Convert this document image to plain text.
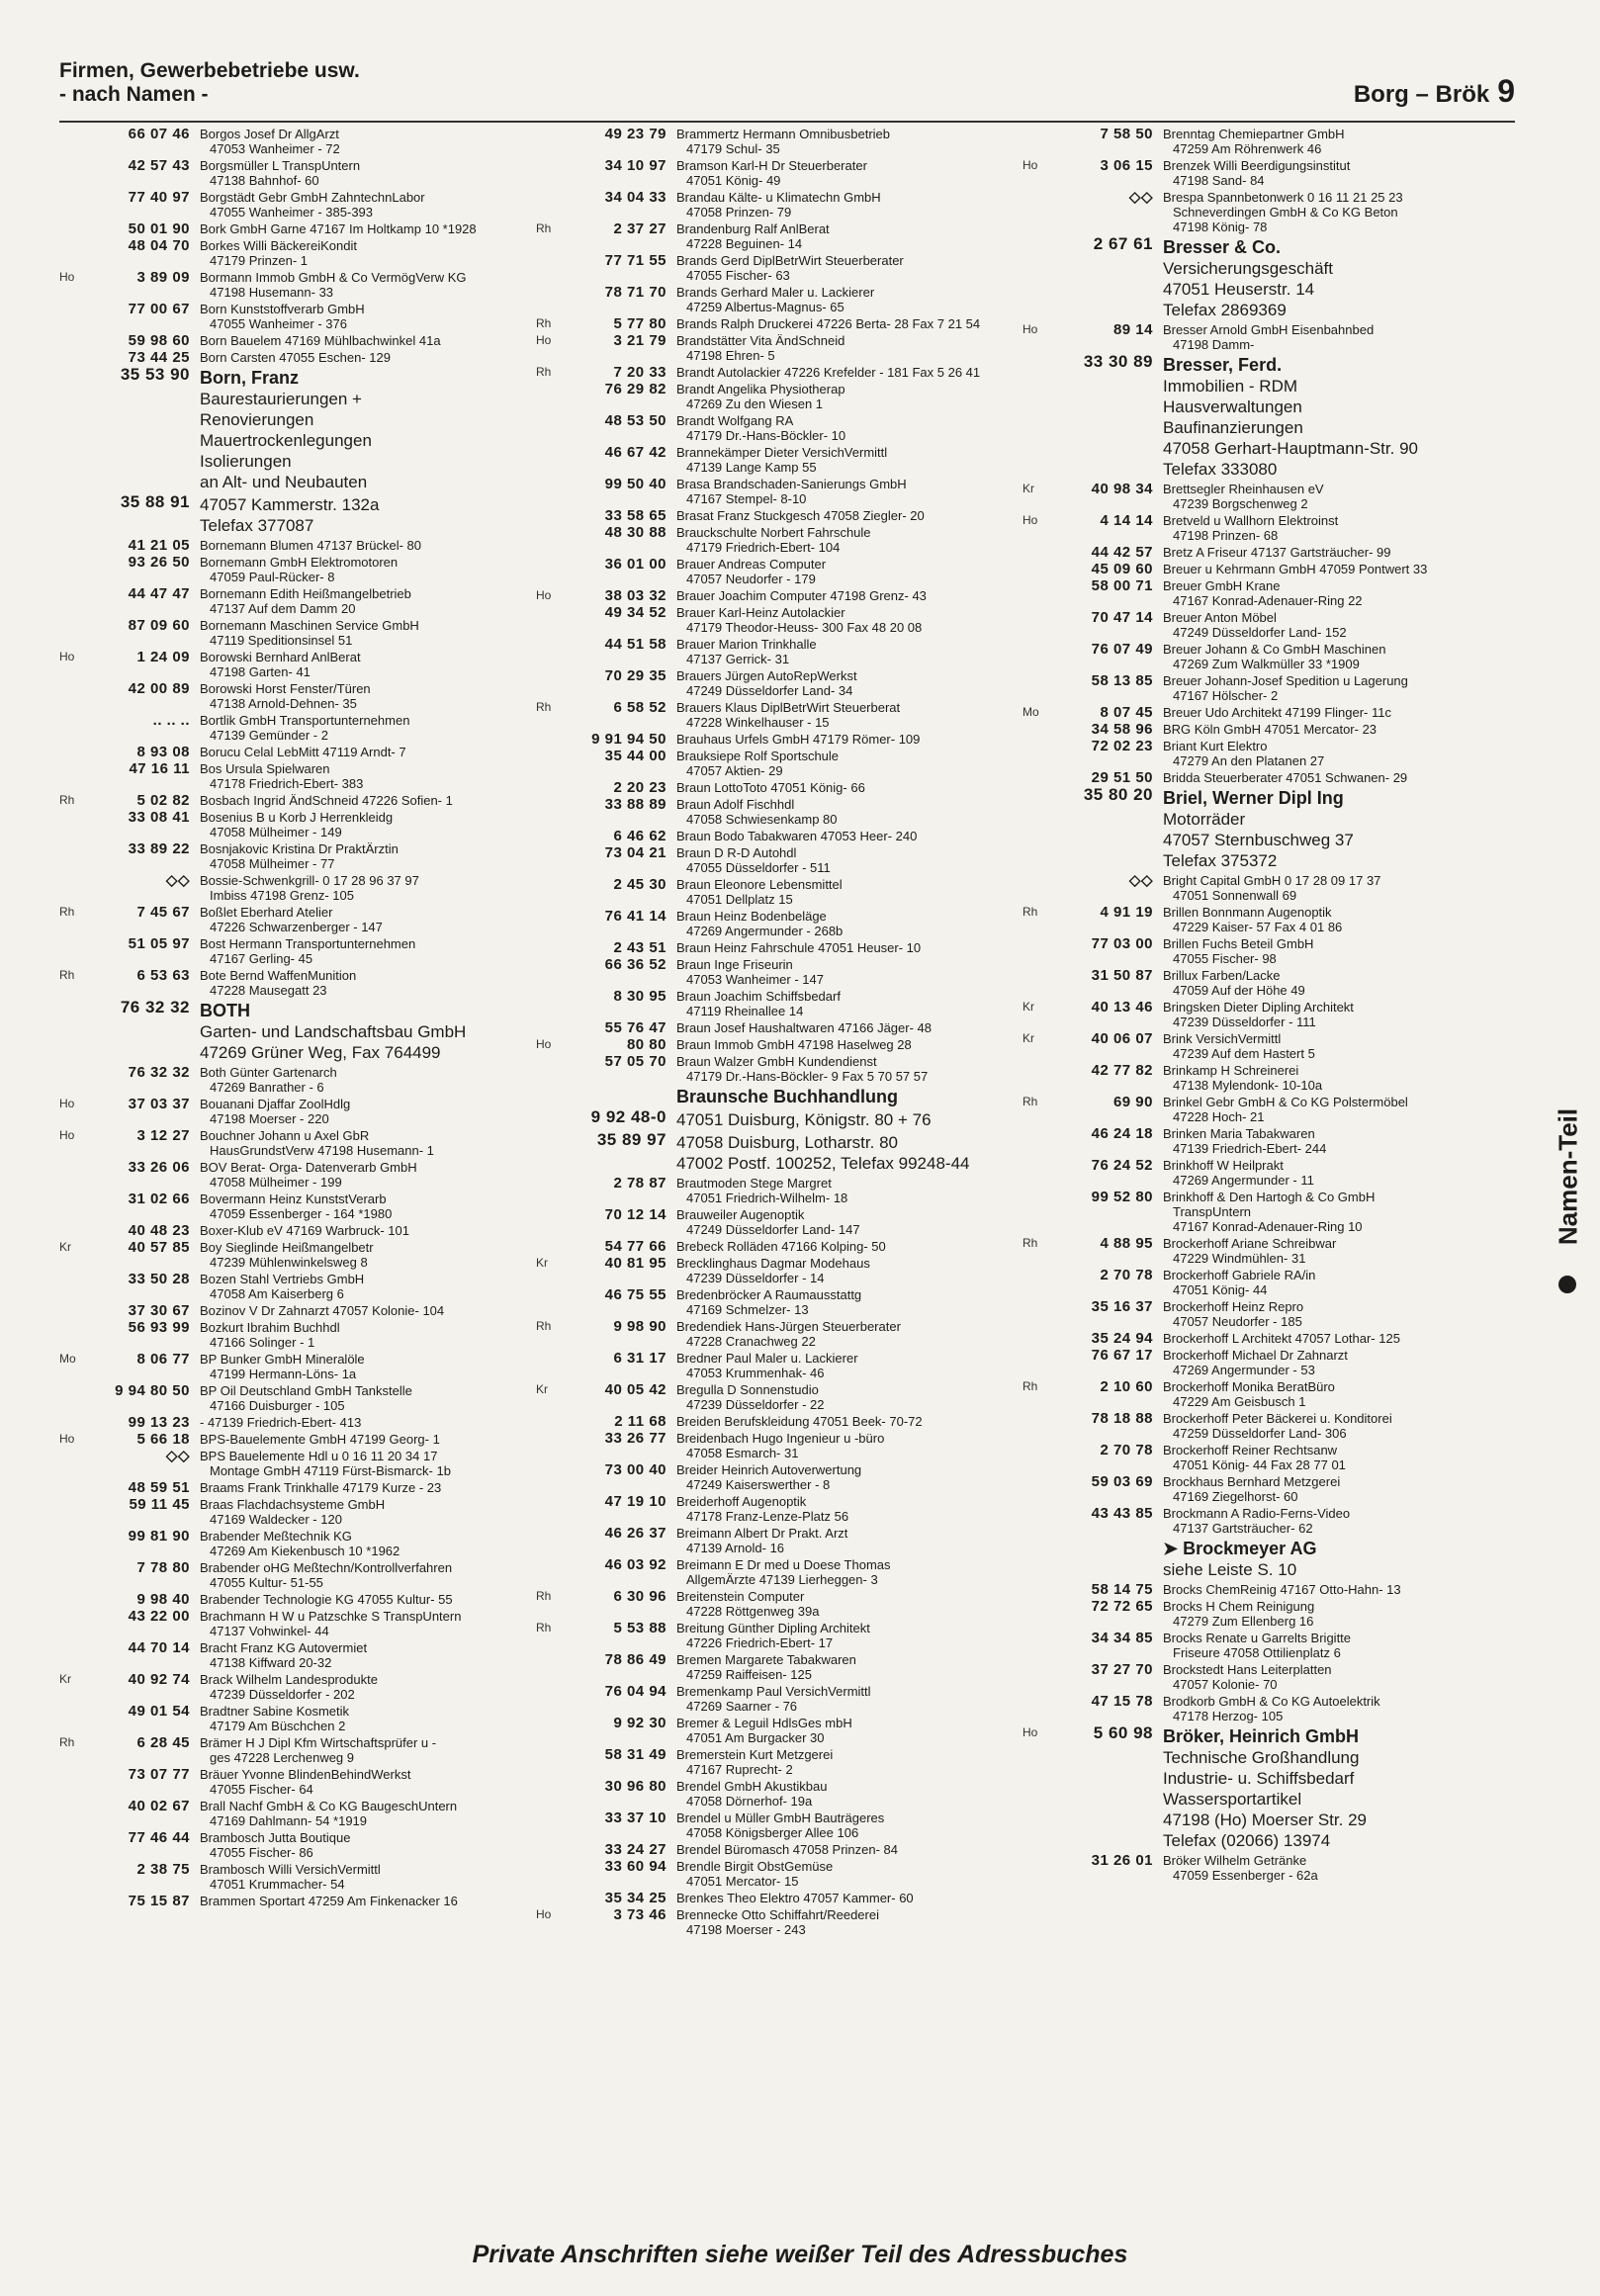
Firmen, Gewerbebetriebe usw.
- nach Namen -	Borg – Brök 9
66 07 46 Borgos Josef Dr AllgArzt
47053 Wanheimer - 72
42 57 43 Borgsmüller L TranspUntern
47138 Bahnhof- 60
77 40 97 Borgstädt Gebr GmbH ZahntechnLabor
47055 Wanheimer - 385-393
50 01 90 Bork GmbH Garne 47167 Im Holtkamp 10 *1928
48 04 70 Borkes Willi BäckereiKondit
47179 Prinzen- 1
Ho	3 89 09 Bormann Immob GmbH & Co VermögVerw KG
47198 Husemann- 33
77 00 67 Born Kunststoffverarb GmbH
47055 Wanheimer - 376
59 98 60 Born Bauelem 47169 Mühlbachwinkel 41a
73 44 25 Born Carsten 47055 Eschen- 129
35 53 90 Born, Franz
Baurestaurierungen +
Renovierungen
Mauertrockenlegungen
Isolierungen
an Alt- und Neubauten
35 88 91 47057 Kammerstr. 132a
Telefax 377087
41 21 05 Bornemann Blumen 47137 Brückel- 80
93 26 50 Bornemann GmbH Elektromotoren
47059 Paul-Rücker- 8
44 47 47 Bornemann Edith Heißmangelbetrieb
47137 Auf dem Damm 20
87 09 60 Bornemann Maschinen Service GmbH
47119 Speditionsinsel 51
Ho	1 24 09 Borowski Bernhard AnlBerat
47198 Garten- 41
42 00 89 Borowski Horst Fenster/Türen
47138 Arnold-Dehnen- 35
.. .. .. Bortlik GmbH Transportunternehmen
47139 Gemünder - 2
8 93 08 Borucu Celal LebMitt 47119 Arndt- 7
47 16 11 Bos Ursula Spielwaren
47178 Friedrich-Ebert- 383
Rh	5 02 82 Bosbach Ingrid ÄndSchneid 47226 Sofien- 1
33 08 41 Bosenius B u Korb J Herrenkleidg
47058 Mülheimer - 149
33 89 22 Bosnjakovic Kristina Dr PraktÄrztin
47058 Mülheimer - 77
◇◇ Bossie-Schwenkgrill- 0 17 28 96 37 97
Imbiss 47198 Grenz- 105
Rh	7 45 67 Boßlet Eberhard Atelier
47226 Schwarzenberger - 147
51 05 97 Bost Hermann Transportunternehmen
47167 Gerling- 45
Rh	6 53 63 Bote Bernd WaffenMunition
47228 Mausegatt 23
76 32 32 BOTH
Garten- und Landschaftsbau GmbH
47269 Grüner Weg, Fax 764499
76 32 32 Both Günter Gartenarch
47269 Banrather - 6
Ho	37 03 37 Bouanani Djaffar ZoolHdlg
47198 Moerser - 220
Ho	3 12 27 Bouchner Johann u Axel GbR
HausGrundstVerw 47198 Husemann- 1
33 26 06 BOV Berat- Orga- Datenverarb GmbH
47058 Mülheimer - 199
31 02 66 Bovermann Heinz KunststVerarb
47059 Essenberger - 164 *1980
40 48 23 Boxer-Klub eV 47169 Warbruck- 101
Kr	40 57 85 Boy Sieglinde Heißmangelbetr
47239 Mühlenwinkelsweg 8
33 50 28 Bozen Stahl Vertriebs GmbH
47058 Am Kaiserberg 6
37 30 67 Bozinov V Dr Zahnarzt 47057 Kolonie- 104
56 93 99 Bozkurt Ibrahim Buchhdl
47166 Solinger - 1
Mo	8 06 77 BP Bunker GmbH Mineralöle
47199 Hermann-Löns- 1a
9 94 80 50 BP Oil Deutschland GmbH Tankstelle
47166 Duisburger - 105
99 13 23 - 47139 Friedrich-Ebert- 413
Ho	5 66 18 BPS-Bauelemente GmbH 47199 Georg- 1
◇◇ BPS Bauelemente Hdl u 0 16 11 20 34 17
Montage GmbH 47119 Fürst-Bismarck- 1b
48 59 51 Braams Frank Trinkhalle 47179 Kurze - 23
59 11 45 Braas Flachdachsysteme GmbH
47169 Waldecker - 120
99 81 90 Brabender Meßtechnik KG
47269 Am Kiekenbusch 10 *1962
7 78 80 Brabender oHG Meßtechn/Kontrollverfahren
47055 Kultur- 51-55
9 98 40 Brabender Technologie KG 47055 Kultur- 55
43 22 00 Brachmann H W u Patzschke S TranspUntern
47137 Vohwinkel- 44
44 70 14 Bracht Franz KG Autovermiet
47138 Kiffward 20-32
Kr	40 92 74 Brack Wilhelm Landesprodukte
47239 Düsseldorfer - 202
49 01 54 Bradtner Sabine Kosmetik
47179 Am Büschchen 2
Rh	6 28 45 Brämer H J Dipl Kfm Wirtschaftsprüfer u -
ges 47228 Lerchenweg 9
73 07 77 Bräuer Yvonne BlindenBehindWerkst
47055 Fischer- 64
40 02 67 Brall Nachf GmbH & Co KG BaugeschUntern
47169 Dahlmann- 54 *1919
77 46 44 Brambosch Jutta Boutique
47055 Fischer- 86
2 38 75 Brambosch Willi VersichVermittl
47051 Krummacher- 54
75 15 87 Brammen Sportart 47259 Am Finkenacker 16
49 23 79 Brammertz Hermann Omnibusbetrieb
47179 Schul- 35
34 10 97 Bramson Karl-H Dr Steuerberater
47051 König- 49
34 04 33 Brandau Kälte- u Klimatechn GmbH
47058 Prinzen- 79
Rh	2 37 27 Brandenburg Ralf AnlBerat
47228 Beguinen- 14
77 71 55 Brands Gerd DiplBetrWirt Steuerberater
47055 Fischer- 63
78 71 70 Brands Gerhard Maler u. Lackierer
47259 Albertus-Magnus- 65
Rh	5 77 80 Brands Ralph Druckerei 47226 Berta- 28 Fax 7 21 54
Ho	3 21 79 Brandstätter Vita ÄndSchneid
47198 Ehren- 5
Rh	7 20 33 Brandt Autolackier 47226 Krefelder - 181 Fax 5 26 41
76 29 82 Brandt Angelika Physiotherap
47269 Zu den Wiesen 1
48 53 50 Brandt Wolfgang RA
47179 Dr.-Hans-Böckler- 10
46 67 42 Brannekämper Dieter VersichVermittl
47139 Lange Kamp 55
99 50 40 Brasa Brandschaden-Sanierungs GmbH
47167 Stempel- 8-10
33 58 65 Brasat Franz Stuckgesch 47058 Ziegler- 20
48 30 88 Brauckschulte Norbert Fahrschule
47179 Friedrich-Ebert- 104
36 01 00 Brauer Andreas Computer
47057 Neudorfer - 179
Ho	38 03 32 Brauer Joachim Computer 47198 Grenz- 43
49 34 52 Brauer Karl-Heinz Autolackier
47179 Theodor-Heuss- 300 Fax 48 20 08
44 51 58 Brauer Marion Trinkhalle
47137 Gerrick- 31
70 29 35 Brauers Jürgen AutoRepWerkst
47249 Düsseldorfer Land- 34
Rh	6 58 52 Brauers Klaus DiplBetrWirt Steuerberat
47228 Winkelhauser - 15
9 91 94 50 Brauhaus Urfels GmbH 47179 Römer- 109
35 44 00 Brauksiepe Rolf Sportschule
47057 Aktien- 29
2 20 23 Braun LottoToto 47051 König- 66
33 88 89 Braun Adolf Fischhdl
47058 Schwiesenkamp 80
6 46 62 Braun Bodo Tabakwaren 47053 Heer- 240
73 04 21 Braun D R-D Autohdl
47055 Düsseldorfer - 511
2 45 30 Braun Eleonore Lebensmittel
47051 Dellplatz 15
76 41 14 Braun Heinz Bodenbeläge
47269 Angermunder - 268b
2 43 51 Braun Heinz Fahrschule 47051 Heuser- 10
66 36 52 Braun Inge Friseurin
47053 Wanheimer - 147
8 30 95 Braun Joachim Schiffsbedarf
47119 Rheinallee 14
55 76 47 Braun Josef Haushaltwaren 47166 Jäger- 48
Ho	80 80 Braun Immob GmbH 47198 Haselweg 28
57 05 70 Braun Walzer GmbH Kundendienst
47179 Dr.-Hans-Böckler- 9 Fax 5 70 57 57
Braunsche Buchhandlung
9 92 48-0 47051 Duisburg, Königstr. 80 + 76
35 89 97 47058 Duisburg, Lotharstr. 80
47002 Postf. 100252, Telefax 99248-44
2 78 87 Brautmoden Stege Margret
47051 Friedrich-Wilhelm- 18
70 12 14 Brauweiler Augenoptik
47249 Düsseldorfer Land- 147
54 77 66 Brebeck Rolläden 47166 Kolping- 50
Kr	40 81 95 Brecklinghaus Dagmar Modehaus
47239 Düsseldorfer - 14
46 75 55 Bredenbröcker A Raumausstattg
47169 Schmelzer- 13
Rh	9 98 90 Bredendiek Hans-Jürgen Steuerberater
47228 Cranachweg 22
6 31 17 Bredner Paul Maler u. Lackierer
47053 Krummenhak- 46
Kr	40 05 42 Bregulla D Sonnenstudio
47239 Düsseldorfer - 22
2 11 68 Breiden Berufskleidung 47051 Beek- 70-72
33 26 77 Breidenbach Hugo Ingenieur u -büro
47058 Esmarch- 31
73 00 40 Breider Heinrich Autoverwertung
47249 Kaiserswerther - 8
47 19 10 Breiderhoff Augenoptik
47178 Franz-Lenze-Platz 56
46 26 37 Breimann Albert Dr Prakt. Arzt
47139 Arnold- 16
46 03 92 Breimann E Dr med u Doese Thomas
AllgemÄrzte 47139 Lierheggen- 3
Rh	6 30 96 Breitenstein Computer
47228 Röttgenweg 39a
Rh	5 53 88 Breitung Günther Dipling Architekt
47226 Friedrich-Ebert- 17
78 86 49 Bremen Margarete Tabakwaren
47259 Raiffeisen- 125
76 04 94 Bremenkamp Paul VersichVermittl
47269 Saarner - 76
9 92 30 Bremer & Leguil HdlsGes mbH
47051 Am Burgacker 30
58 31 49 Bremerstein Kurt Metzgerei
47167 Ruprecht- 2
30 96 80 Brendel GmbH Akustikbau
47058 Dörnerhof- 19a
33 37 10 Brendel u Müller GmbH Bauträgeres
47058 Königsberger Allee 106
33 24 27 Brendel Büromasch 47058 Prinzen- 84
33 60 94 Brendle Birgit ObstGemüse
47051 Mercator- 15
35 34 25 Brenkes Theo Elektro 47057 Kammer- 60
Ho	3 73 46 Brennecke Otto Schiffahrt/Reederei
47198 Moerser - 243
7 58 50 Brenntag Chemiepartner GmbH
47259 Am Röhrenwerk 46
Ho	3 06 15 Brenzek Willi Beerdigungsinstitut
47198 Sand- 84
◇◇ Brespa Spannbetonwerk 0 16 11 21 25 23
Schneverdingen GmbH & Co KG Beton
47198 König- 78
2 67 61 Bresser & Co.
Versicherungsgeschäft
47051 Heuserstr. 14
Telefax 2869369
Ho	89 14 Bresser Arnold GmbH Eisenbahnbed
47198 Damm-
33 30 89 Bresser, Ferd.
Immobilien - RDM
Hausverwaltungen
Baufinanzierungen
47058 Gerhart-Hauptmann-Str. 90
Telefax 333080
Kr	40 98 34 Brettsegler Rheinhausen eV
47239 Borgschenweg 2
Ho	4 14 14 Bretveld u Wallhorn Elektroinst
47198 Prinzen- 68
44 42 57 Bretz A Friseur 47137 Gartsträucher- 99
45 09 60 Breuer u Kehrmann GmbH 47059 Pontwert 33
58 00 71 Breuer GmbH Krane
47167 Konrad-Adenauer-Ring 22
70 47 14 Breuer Anton Möbel
47249 Düsseldorfer Land- 152
76 07 49 Breuer Johann & Co GmbH Maschinen
47269 Zum Walkmüller 33 *1909
58 13 85 Breuer Johann-Josef Spedition u Lagerung
47167 Hölscher- 2
Mo	8 07 45 Breuer Udo Architekt 47199 Flinger- 11c
34 58 96 BRG Köln GmbH 47051 Mercator- 23
72 02 23 Briant Kurt Elektro
47279 An den Platanen 27
29 51 50 Bridda Steuerberater 47051 Schwanen- 29
35 80 20 Briel, Werner Dipl Ing
Motorräder
47057 Sternbuschweg 37
Telefax 375372
◇◇ Bright Capital GmbH 0 17 28 09 17 37
47051 Sonnenwall 69
Rh	4 91 19 Brillen Bonnmann Augenoptik
47229 Kaiser- 57 Fax 4 01 86
77 03 00 Brillen Fuchs Beteil GmbH
47055 Fischer- 98
31 50 87 Brillux Farben/Lacke
47059 Auf der Höhe 49
Kr	40 13 46 Bringsken Dieter Dipling Architekt
47239 Düsseldorfer - 111
Kr	40 06 07 Brink VersichVermittl
47239 Auf dem Hastert 5
42 77 82 Brinkamp H Schreinerei
47138 Mylendonk- 10-10a
Rh	69 90 Brinkel Gebr GmbH & Co KG Polstermöbel
47228 Hoch- 21
46 24 18 Brinken Maria Tabakwaren
47139 Friedrich-Ebert- 244
76 24 52 Brinkhoff W Heilprakt
47269 Angermunder - 11
99 52 80 Brinkhoff & Den Hartogh & Co GmbH
TranspUntern
47167 Konrad-Adenauer-Ring 10
Rh	4 88 95 Brockerhoff Ariane Schreibwar
47229 Windmühlen- 31
2 70 78 Brockerhoff Gabriele RA/in
47051 König- 44
35 16 37 Brockerhoff Heinz Repro
47057 Neudorfer - 185
35 24 94 Brockerhoff L Architekt 47057 Lothar- 125
76 67 17 Brockerhoff Michael Dr Zahnarzt
47269 Angermunder - 53
Rh	2 10 60 Brockerhoff Monika BeratBüro
47229 Am Geisbusch 1
78 18 88 Brockerhoff Peter Bäckerei u. Konditorei
47259 Düsseldorfer Land- 306
2 70 78 Brockerhoff Reiner Rechtsanw
47051 König- 44 Fax 28 77 01
59 03 69 Brockhaus Bernhard Metzgerei
47169 Ziegelhorst- 60
43 43 85 Brockmann A Radio-Ferns-Video
47137 Gartsträucher- 62
➤ Brockmeyer AG
siehe Leiste S. 10
58 14 75 Brocks ChemReinig 47167 Otto-Hahn- 13
72 72 65 Brocks H Chem Reinigung
47279 Zum Ellenberg 16
34 34 85 Brocks Renate u Garrelts Brigitte
Friseure 47058 Ottilienplatz 6
37 27 70 Brockstedt Hans Leiterplatten
47057 Kolonie- 70
47 15 78 Brodkorb GmbH & Co KG Autoelektrik
47178 Herzog- 105
Ho	5 60 98 Bröker, Heinrich GmbH
Technische Großhandlung
Industrie- u. Schiffsbedarf
Wassersportartikel
47198 (Ho) Moerser Str. 29
Telefax (02066) 13974
31 26 01 Bröker Wilhelm Getränke
47059 Essenberger - 62a
Namen-Teil
Private Anschriften siehe weißer Teil des Adressbuches
